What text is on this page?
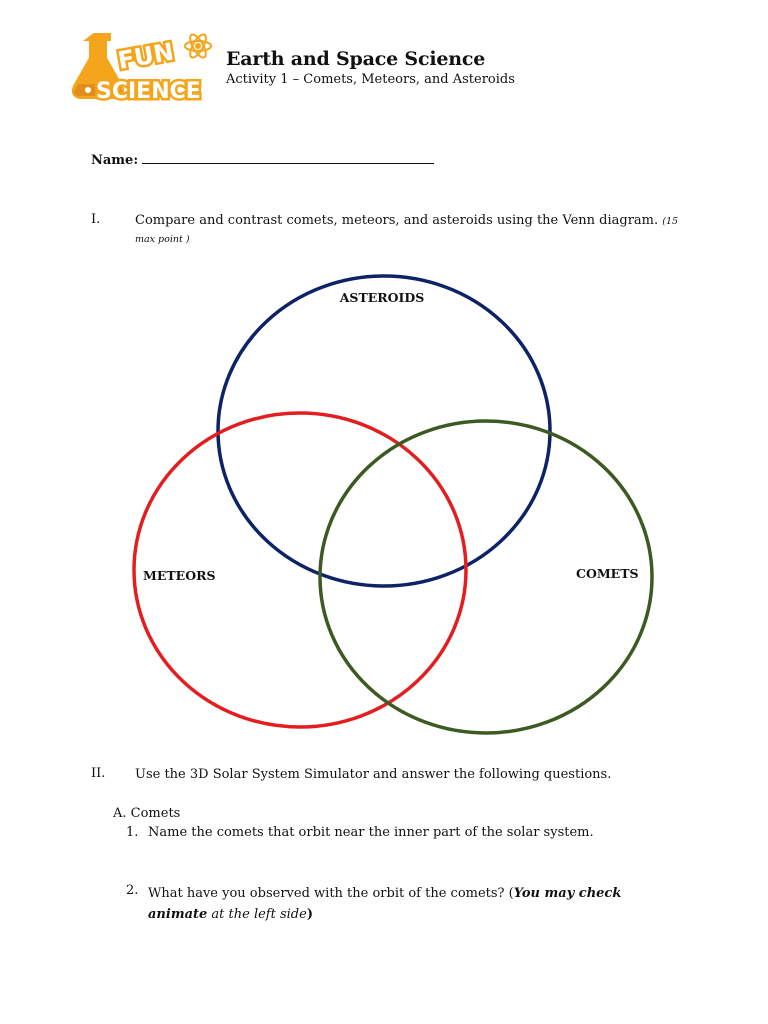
FUN
SCIENCE
Earth and Space Science
Activity 1 – Comets, Meteors, and Asteroids
Name:
I.	Compare and contrast comets, meteors, and asteroids using the Venn diagram. (15 max point )
ASTEROIDS
METEORS	COMETS
II. Use the 3D Solar System Simulator and answer the following questions.
A. Comets
1. Name the comets that orbit near the inner part of the solar system.
2. What have you observed with the orbit of the comets? (You may check animate at the left side)
